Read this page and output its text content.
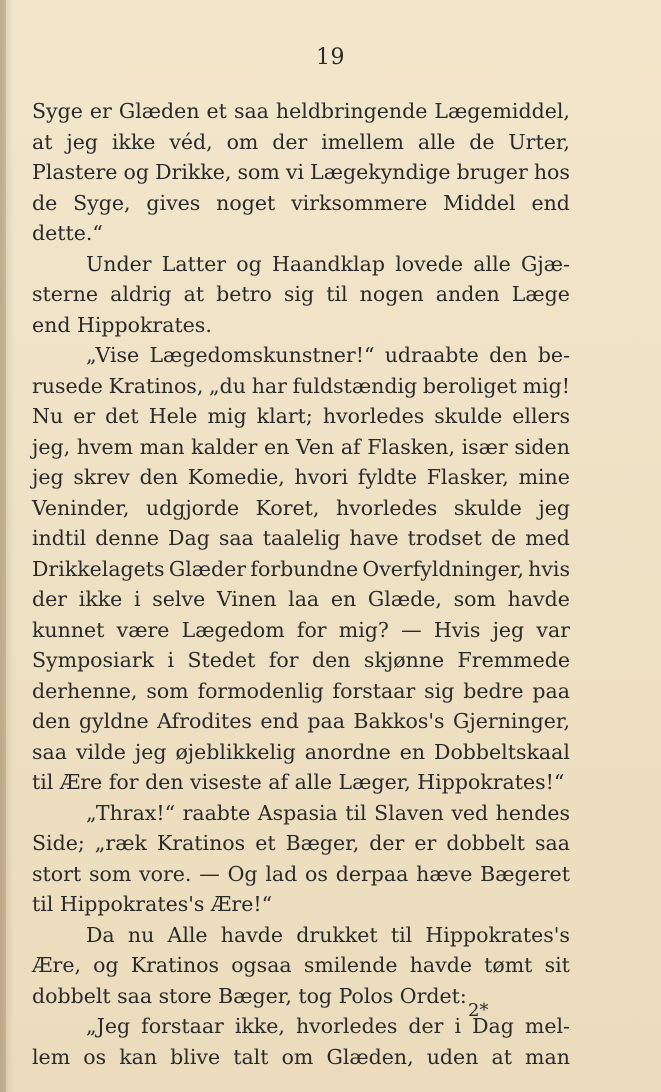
19
Syge er Glæden et saa heldbringende Lægemiddel,
at jeg ikke véd, om der imellem alle de Urter,
Plastere og Drikke, som vi Lægekyndige bruger hos
de Syge, gives noget virksommere Middel end
dette.“
Under Latter og Haandklap lovede alle Gjæ-
sterne aldrig at betro sig til nogen anden Læge
end Hippokrates.
„Vise Lægedomskunstner!“ udraabte den be-
rusede Kratinos, „du har fuldstændig beroliget mig!
Nu er det Hele mig klart; hvorledes skulde ellers
jeg, hvem man kalder en Ven af Flasken, især siden
jeg skrev den Komedie, hvori fyldte Flasker, mine
Veninder, udgjorde Koret, hvorledes skulde jeg
indtil denne Dag saa taalelig have trodset de med
Drikkelagets Glæder forbundne Overfyldninger, hvis
der ikke i selve Vinen laa en Glæde, som havde
kunnet være Lægedom for mig? — Hvis jeg var
Symposiark i Stedet for den skjønne Fremmede
derhenne, som formodenlig forstaar sig bedre paa
den gyldne Afrodites end paa Bakkos's Gjerninger,
saa vilde jeg øjeblikkelig anordne en Dobbeltskaal
til Ære for den viseste af alle Læger, Hippokrates!“
„Thrax!“ raabte Aspasia til Slaven ved hendes
Side; „ræk Kratinos et Bæger, der er dobbelt saa
stort som vore. — Og lad os derpaa hæve Bægeret
til Hippokrates's Ære!“
Da nu Alle havde drukket til Hippokrates's
Ære, og Kratinos ogsaa smilende havde tømt sit
dobbelt saa store Bæger, tog Polos Ordet:
„Jeg forstaar ikke, hvorledes der i Dag mel-
lem os kan blive talt om Glæden, uden at man
2*
